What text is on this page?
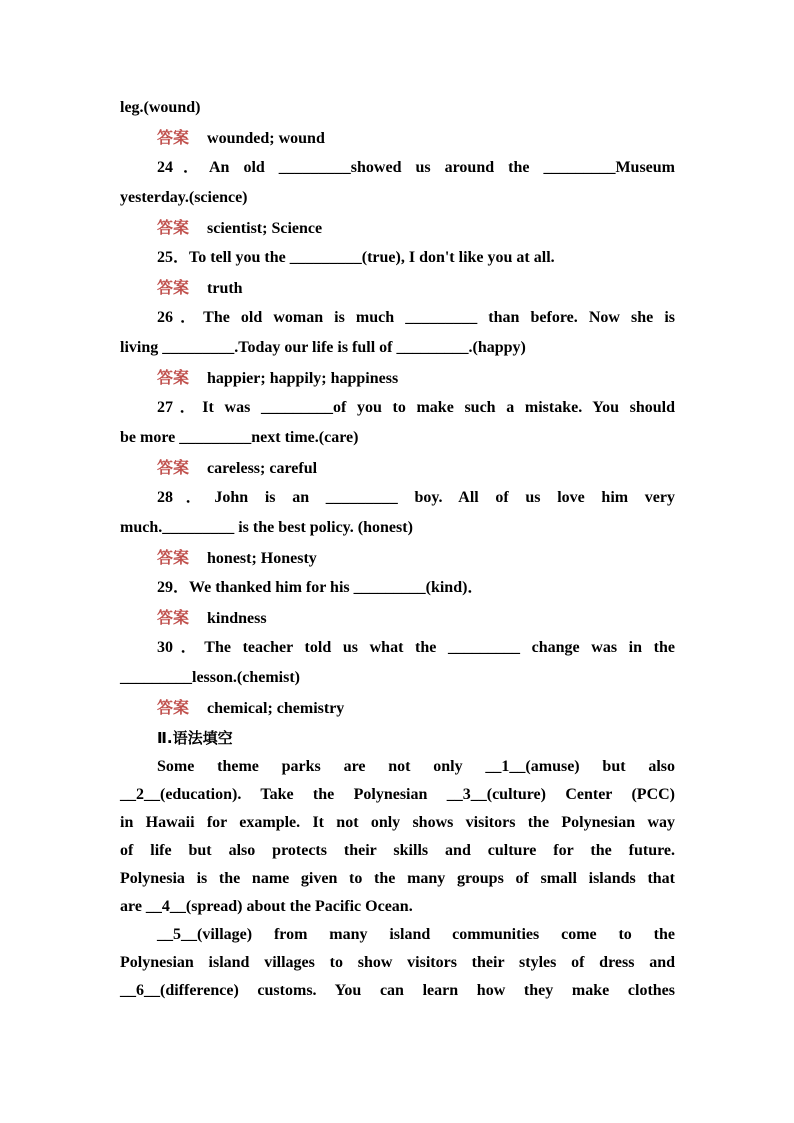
leg.(wound)
答案 wounded; wound
24．An old _________showed us around the _________Museum
yesterday.(science)
答案 scientist; Science
25．To tell you the _________(true), I don't like you at all.
答案 truth
26．The old woman is much _________ than before. Now she is
living _________.Today our life is full of _________.(happy)
答案 happier; happily; happiness
27．It was _________of you to make such a mistake. You should
be more _________next time.(care)
答案 careless; careful
28．John is an _________ boy. All of us love him very
much._________ is the best policy. (honest)
答案 honest; Honesty
29．We thanked him for his _________(kind)．
答案 kindness
30．The teacher told us what the _________ change was in the
_________lesson.(chemist)
答案 chemical; chemistry
Ⅱ.语法填空
Some theme parks are not only __1__(amuse) but also
__2__(education). Take the Polynesian __3__(culture) Center (PCC)
in Hawaii for example. It not only shows visitors the Polynesian way
of life but also protects their skills and culture for the future.
Polynesia is the name given to the many groups of small islands that
are __4__(spread) about the Pacific Ocean.
__5__(village) from many island communities come to the
Polynesian island villages to show visitors their styles of dress and
__6__(difference) customs. You can learn how they make clothes
